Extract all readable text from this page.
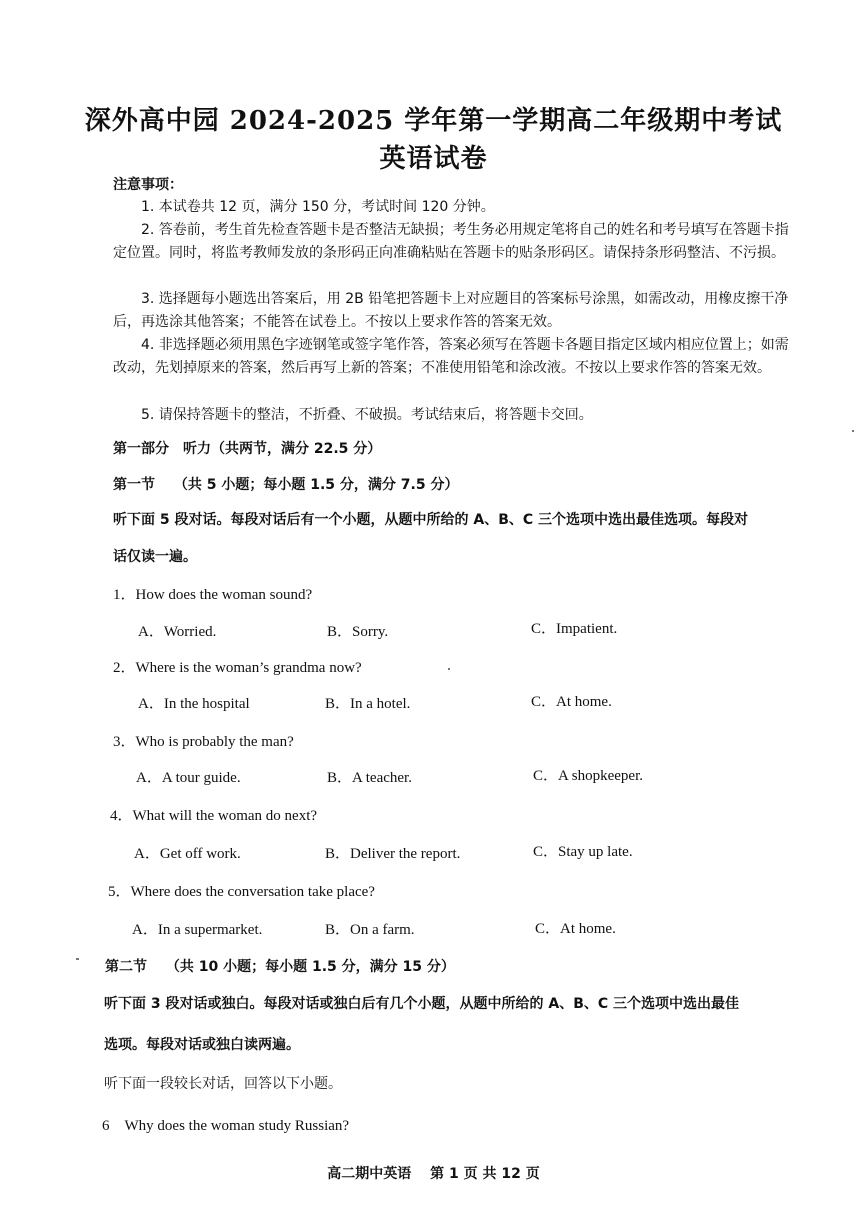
深外高中园 2024-2025 学年第一学期高二年级期中考试
英语试卷
注意事项：
1. 本试卷共 12 页，满分 150 分，考试时间 120 分钟。
2. 答卷前，考生首先检查答题卡是否整洁无缺损；考生务必用规定笔将自己的姓名和考号填写在答题卡指定位置。同时，将监考教师发放的条形码正向准确粘贴在答题卡的贴条形码区。请保持条形码整洁、不污损。
3. 选择题每小题选出答案后，用 2B 铅笔把答题卡上对应题目的答案标号涂黑，如需改动，用橡皮擦干净后，再选涂其他答案；不能答在试卷上。不按以上要求作答的答案无效。
4. 非选择题必须用黑色字迹钢笔或签字笔作答，答案必须写在答题卡各题目指定区域内相应位置上；如需改动，先划掉原来的答案，然后再写上新的答案；不准使用铅笔和涂改液。不按以上要求作答的答案无效。
5. 请保持答题卡的整洁，不折叠、不破损。考试结束后，将答题卡交回。
第一部分　听力（共两节，满分 22.5 分）
第一节　 （共 5 小题；每小题 1.5 分，满分 7.5 分）
听下面 5 段对话。每段对话后有一个小题，从题中所给的 A、B、C 三个选项中选出最佳选项。每段对
话仅读一遍。
1．How does the woman sound?
A．Worried.	B．Sorry.	C．Impatient.
2．Where is the woman’s grandma now?
A．In the hospital	B．In a hotel.	C．At home.
3．Who is probably the man?
A．A tour guide.	B．A teacher.	C．A shopkeeper.
4．What will the woman do next?
A．Get off work.	B．Deliver the report.	C．Stay up late.
5．Where does the conversation take place?
A．In a supermarket.	B．On a farm.	C．At home.
第二节　 （共 10 小题；每小题 1.5 分，满分 15 分）
听下面 3 段对话或独白。每段对话或独白后有几个小题，从题中所给的 A、B、C 三个选项中选出最佳
选项。每段对话或独白读两遍。
听下面一段较长对话，回答以下小题。
6　Why does the woman study Russian?
高二期中英语　 第 1 页 共 12 页
